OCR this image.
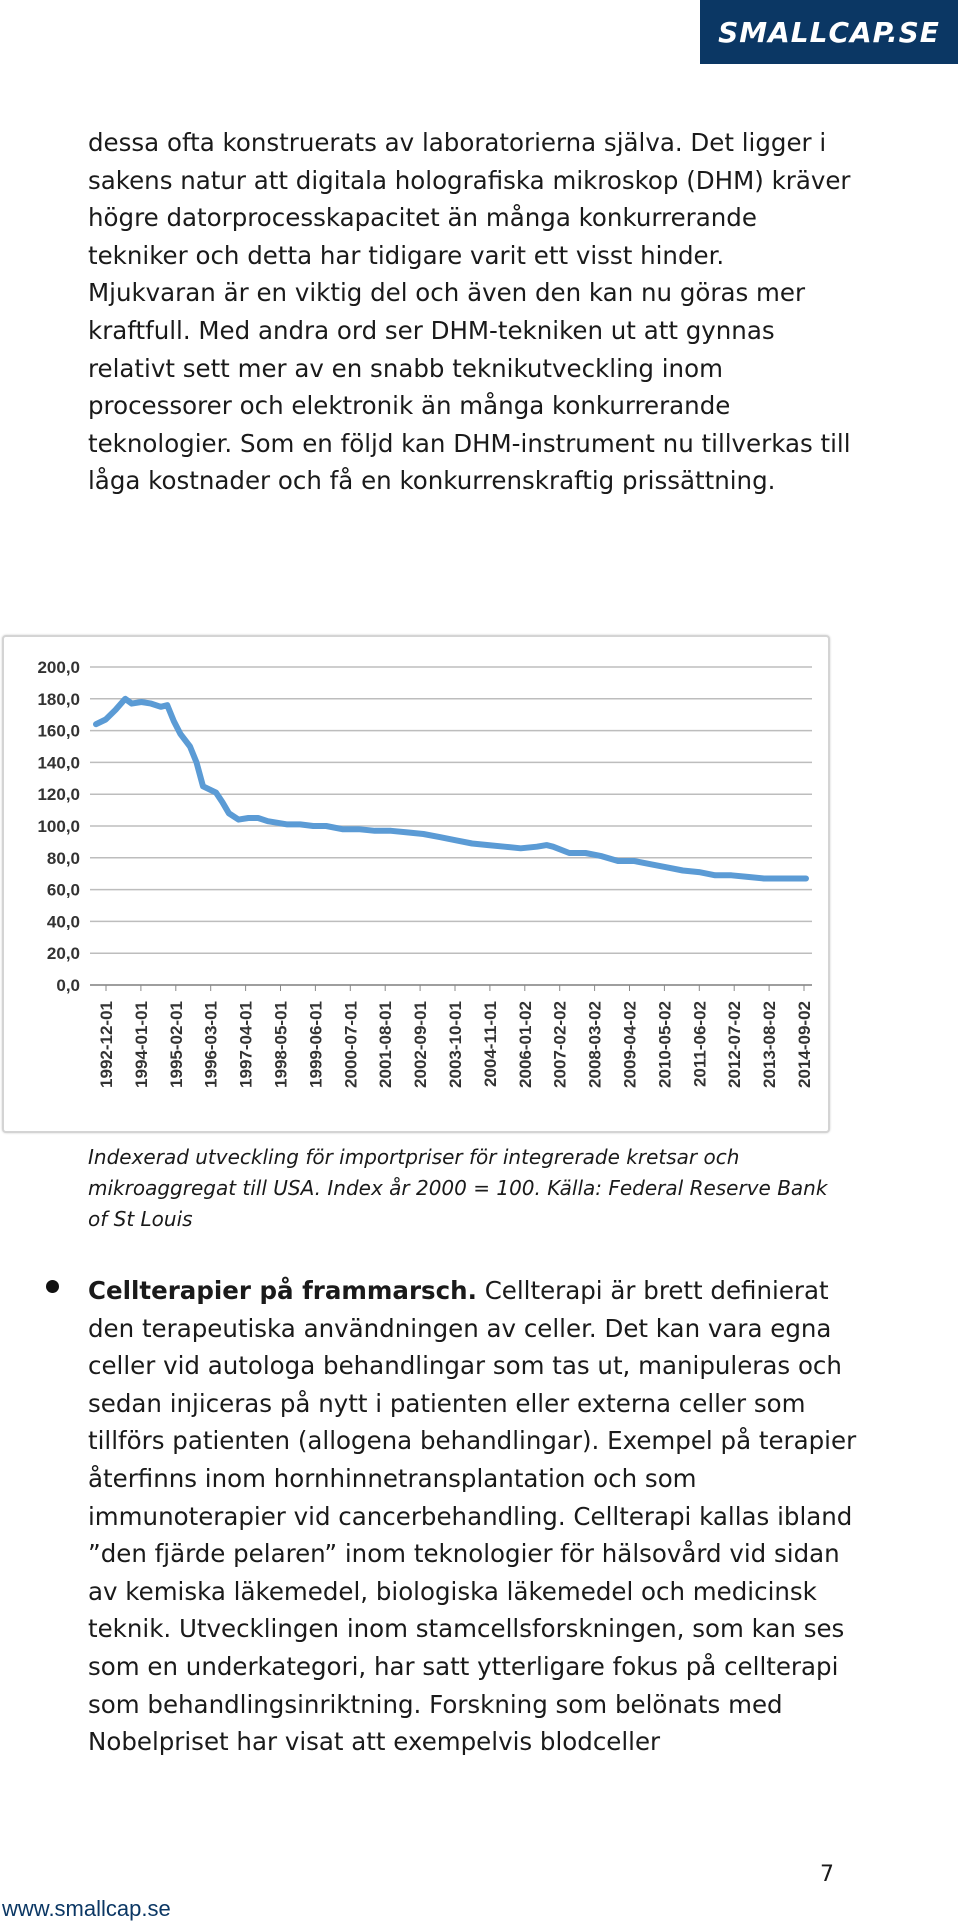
SMALLCAP.SE

dessa ofta konstruerats av laboratorierna själva. Det ligger i sakens natur att digitala holografiska mikroskop (DHM) kräver högre datorprocesskapacitet än många konkurrerande tekniker och detta har tidigare varit ett visst hinder. Mjukvaran är en viktig del och även den kan nu göras mer kraftfull. Med andra ord ser DHM-tekniken ut att gynnas relativt sett mer av en snabb teknikutveckling inom processorer och elektronik än många konkurrerande teknologier. Som en följd kan DHM-instrument nu tillverkas till låga kostnader och få en konkurrenskraftig prissättning.

200,0
180,0
160,0
140,0
120,0
100,0
80,0
60,0
40,0
20,0
0,0
1992-12-01 1994-01-01 1995-02-01 1996-03-01 1997-04-01 1998-05-01 1999-06-01 2000-07-01 2001-08-01 2002-09-01 2003-10-01 2004-11-01 2006-01-02 2007-02-02 2008-03-02 2009-04-02 2010-05-02 2011-06-02 2012-07-02 2013-08-02 2014-09-02

Indexerad utveckling för importpriser för integrerade kretsar och mikroaggregat till USA. Index år 2000 = 100. Källa: Federal Reserve Bank of St Louis

Cellterapier på frammarsch. Cellterapi är brett definierat den terapeutiska användningen av celler. Det kan vara egna celler vid autologa behandlingar som tas ut, manipuleras och sedan injiceras på nytt i patienten eller externa celler som tillförs patienten (allogena behandlingar). Exempel på terapier återfinns inom hornhinnetransplantation och som immunoterapier vid cancerbehandling. Cellterapi kallas ibland ”den fjärde pelaren” inom teknologier för hälsovård vid sidan av kemiska läkemedel, biologiska läkemedel och medicinsk teknik. Utvecklingen inom stamcellsforskningen, som kan ses som en underkategori, har satt ytterligare fokus på cellterapi som behandlingsinriktning. Forskning som belönats med Nobelpriset har visat att exempelvis blodceller

7
www.smallcap.se
